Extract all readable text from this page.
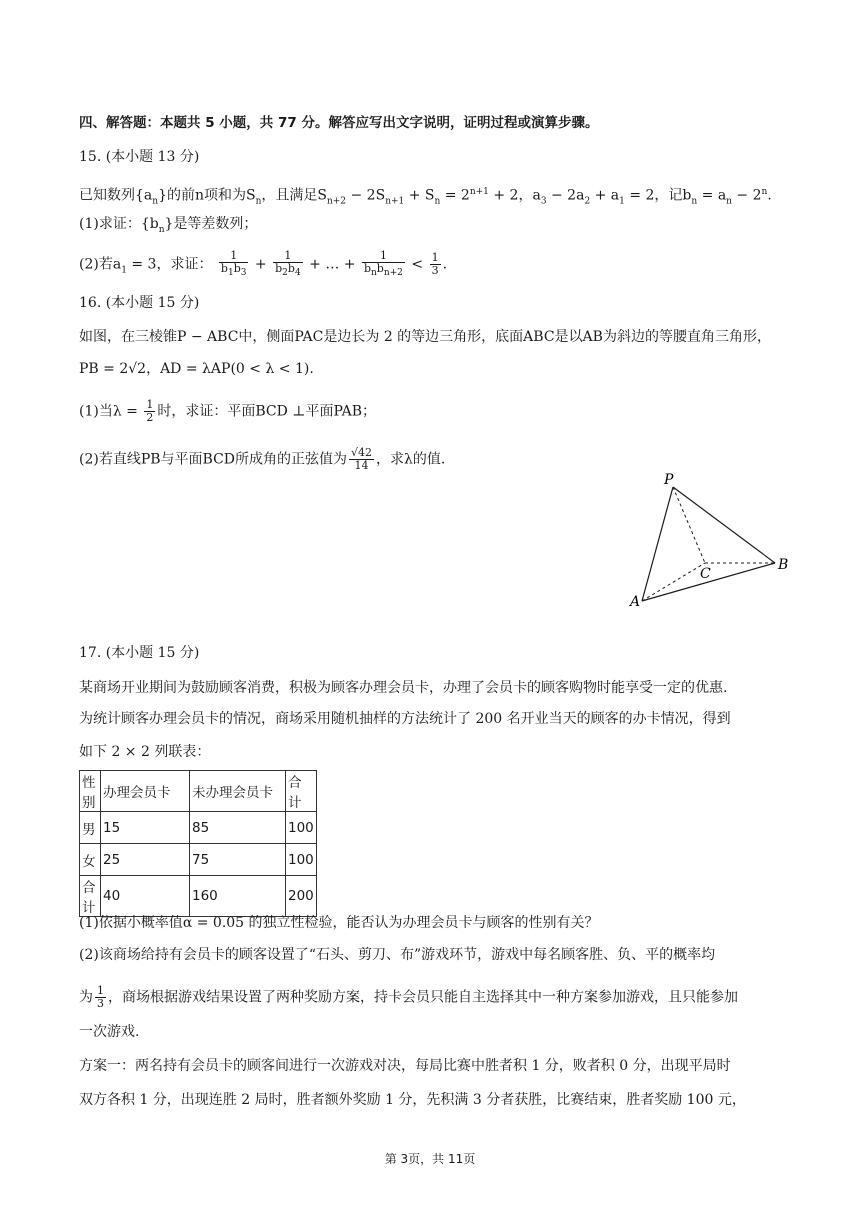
四、解答题：本题共 5 小题，共 77 分。解答应写出文字说明，证明过程或演算步骤。
15. (本小题 13 分)
已知数列$\{a_n\}$的前n项和为$S_n$，且满足$S_{n+2} - 2S_{n+1} + S_n = 2^{n+1} + 2$，$a_3 - 2a_2 + a_1 = 2$，记$b_n = a_n - 2^n$.
(1)求证：$\{b_n\}$是等差数列；
(2)若$a_1 = 3$，求证： $\frac{1}{b_1b_3} + \frac{1}{b_2b_4}$ + … + $\frac{1}{b_nb_{n+2}} < \frac{1}{3}$ .
16. (本小题 15 分)
如图，在三棱锥P − ABC中，侧面PAC是边长为 2 的等边三角形，底面ABC是以AB为斜边的等腰直角三角形，
PB = 2√2，AD = λAP(0 < λ < 1).
(1)当$\lambda = \frac{1}{2}$ 时，求证：平面BCD ⊥平面PAB；
(2)若直线PB与平面BCD所成角的正弦值为 $\frac{√42}{14}$ ，求λ的值.
P
C
B
A
17. (本小题 15 分)
某商场开业期间为鼓励顾客消费，积极为顾客办理会员卡，办理了会员卡的顾客购物时能享受一定的优惠.
为统计顾客办理会员卡的情况，商场采用随机抽样的方法统计了 200 名开业当天的顾客的办卡情况，得到
如下 2 × 2 列联表：
性别	办理会员卡	未办理会员卡	合计
男	15	85	100
女	25	75	100
合计	40	160	200
(1)依据小概率值α = 0.05 的独立性检验，能否认为办理会员卡与顾客的性别有关？
(2)该商场给持有会员卡的顾客设置了“石头、剪刀、布”游戏环节，游戏中每名顾客胜、负、平的概率均
为 $\frac{1}{3}$ ，商场根据游戏结果设置了两种奖励方案，持卡会员只能自主选择其中一种方案参加游戏，且只能参加
一次游戏.
方案一：两名持有会员卡的顾客间进行一次游戏对决，每局比赛中胜者积 1 分，败者积 0 分，出现平局时
双方各积 1 分，出现连胜 2 局时，胜者额外奖励 1 分，先积满 3 分者获胜，比赛结束，胜者奖励 100 元，
第 3页，共 11页
